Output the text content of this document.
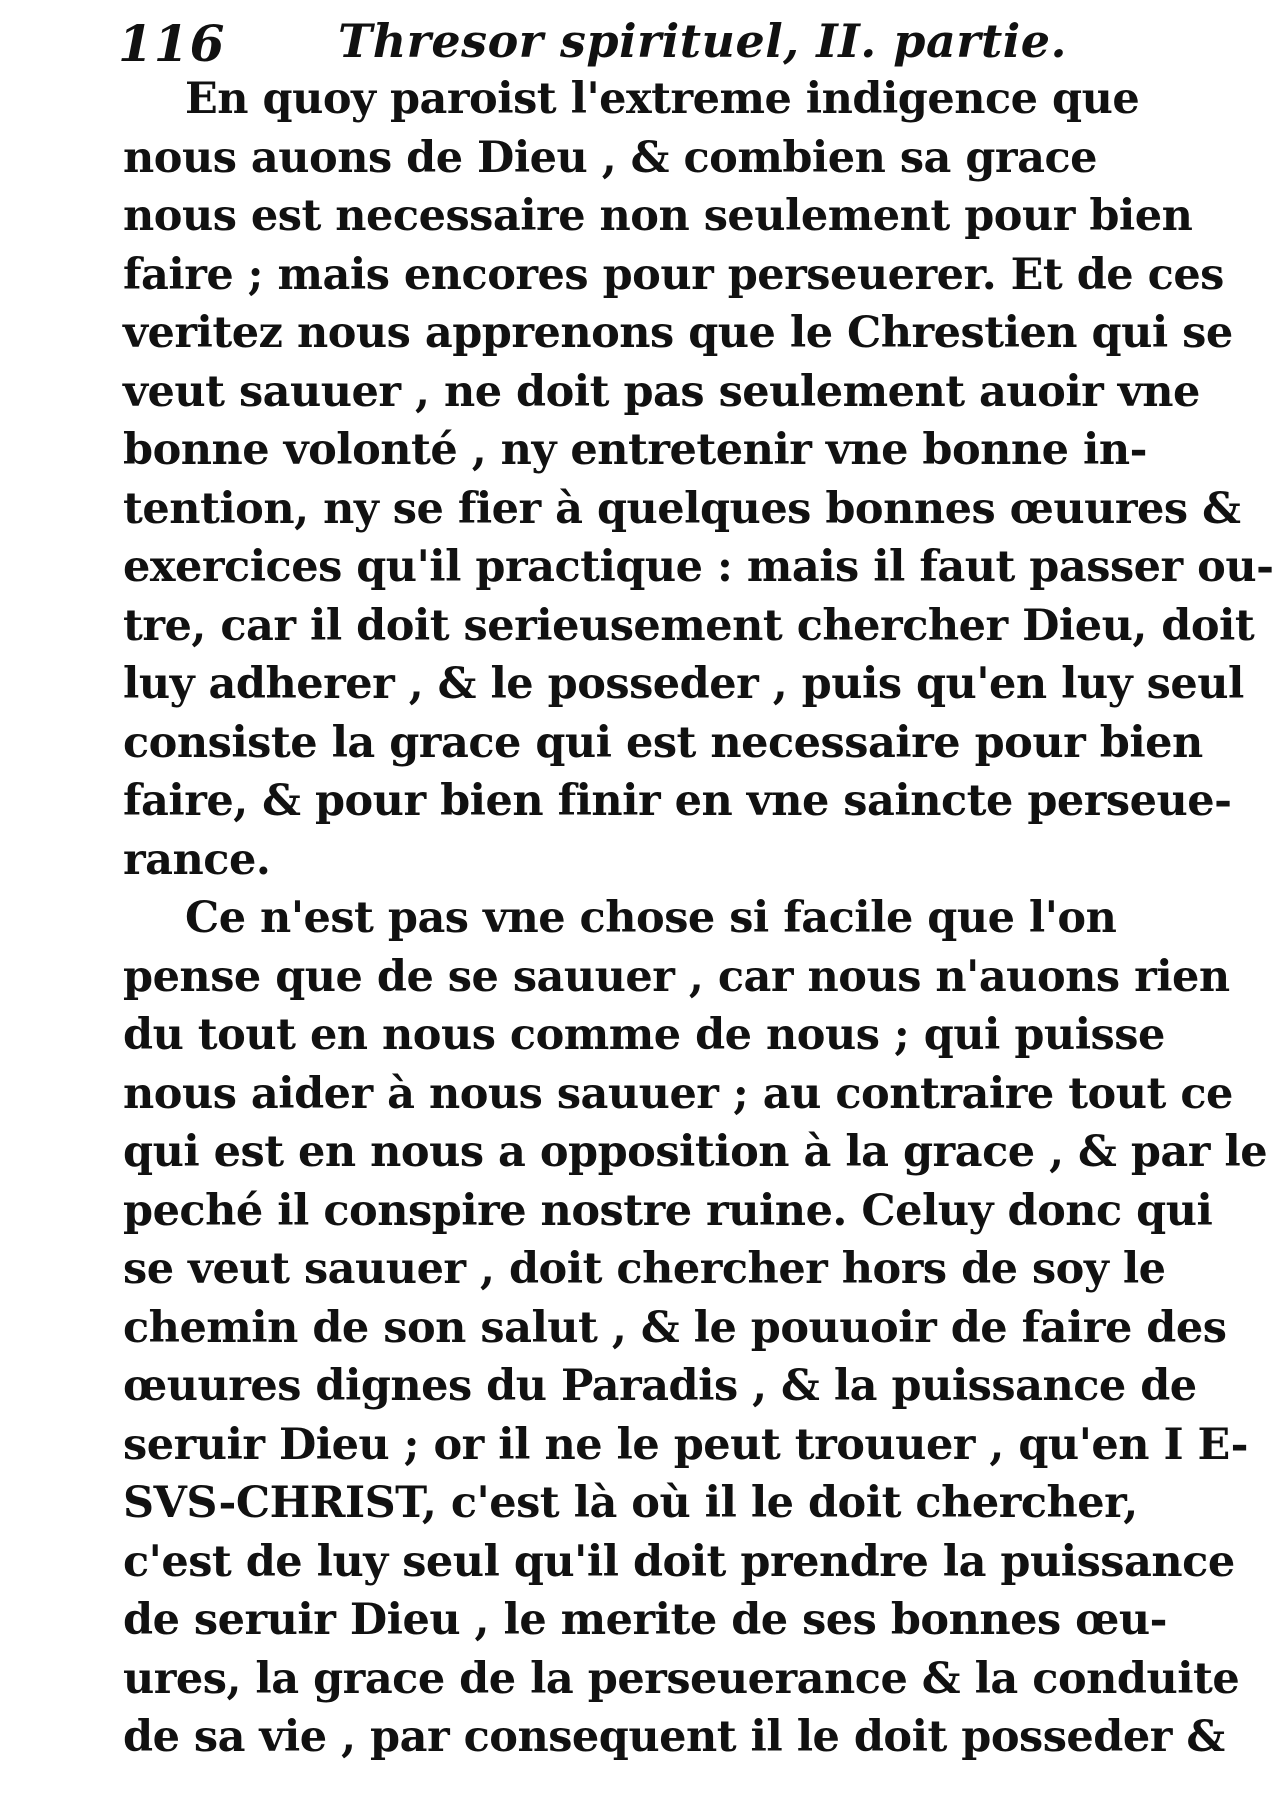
116 Thresor spirituel, II. partie.
En quoy paroist l'extreme indigence que
nous auons de Dieu , & combien sa grace
nous est necessaire non seulement pour bien
faire ; mais encores pour perseuerer. Et de ces
veritez nous apprenons que le Chrestien qui se
veut sauuer , ne doit pas seulement auoir vne
bonne volonté , ny entretenir vne bonne in-
tention, ny se fier à quelques bonnes œuures &
exercices qu'il practique : mais il faut passer ou-
tre, car il doit serieusement chercher Dieu, doit
luy adherer , & le posseder , puis qu'en luy seul
consiste la grace qui est necessaire pour bien
faire, & pour bien finir en vne saincte perseue-
rance.
Ce n'est pas vne chose si facile que l'on
pense que de se sauuer , car nous n'auons rien
du tout en nous comme de nous ; qui puisse
nous aider à nous sauuer ; au contraire tout ce
qui est en nous a opposition à la grace , & par le
peché il conspire nostre ruine. Celuy donc qui
se veut sauuer , doit chercher hors de soy le
chemin de son salut , & le pouuoir de faire des
œuures dignes du Paradis , & la puissance de
seruir Dieu ; or il ne le peut trouuer , qu'en I E-
SVS-CHRIST, c'est là où il le doit chercher,
c'est de luy seul qu'il doit prendre la puissance
de seruir Dieu , le merite de ses bonnes œu-
ures, la grace de la perseuerance & la conduite
de sa vie , par consequent il le doit posseder &
